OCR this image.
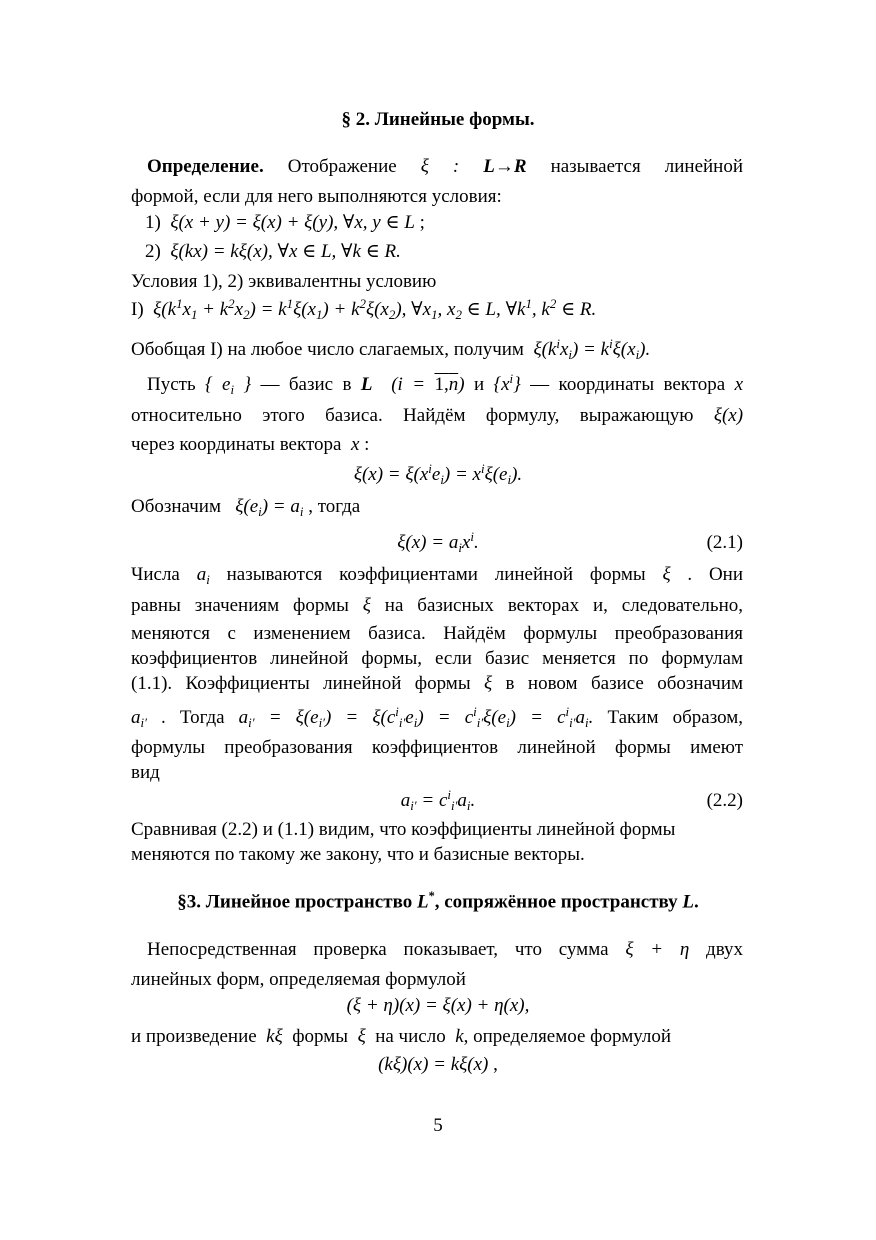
§ 2. Линейные формы.
Определение. Отображение ξ : L→R называется линейной
формой, если для него выполняются условия:
1) ξ(x + y) = ξ(x) + ξ(y), ∀x, y ∈ L ;
2) ξ(kx) = kξ(x), ∀x ∈ L, ∀k ∈ R.
Условия 1), 2) эквивалентны условию
I)  $\xi(k^1x_1 + k^2x_2) = k^1\xi(x_1) + k^2\xi(x_2)$, $\forall x_1$, $x_2$ ∈ L, $\forall k^1$, $k^2$ ∈ R.
Обобщая I) на любое число слагаемых, получим  $\xi(k^ix_i) = k^i\xi(x_i)$.
Пусть { $e_i$ } — базис в L $(i = 1,\overline{n})$ и $\{x^i\}$ — координаты вектора x
относительно этого базиса. Найдём формулу, выражающую ξ(x)
через координаты вектора  x :
$\xi(x) = \xi(x^ie_i) = x^i\xi(e_i)$.
Обозначим   $\xi(e_i) = a_i$ , тогда
$\xi(x) = a_ix^i$.	(2.1)
Числа $a_i$ называются коэффициентами линейной формы ξ . Они
равны значениям формы ξ на базисных векторах и, следовательно,
меняются с изменением базиса. Найдём формулы преобразования
коэффициентов линейной формы, если базис меняется по формулам
(1.1). Коэффициенты линейной формы ξ в новом базисе обозначим
$a_{i'}$ . Тогда $a_{i'} = \xi(e_{i'}) = \xi(c^i_{i'}e_i) = c^i_{i'}\xi(e_i) = c^i_{i'}a_i$. Таким образом,
формулы преобразования коэффициентов линейной формы имеют
вид
$a_{i'} = c^i_{i'}a_i$.	(2.2)
Сравнивая (2.2) и (1.1) видим, что коэффициенты линейной формы
меняются по такому же закону, что и базисные векторы.
§3. Линейное пространство L*, сопряжённое пространству L.
Непосредственная проверка показывает, что сумма ξ + η двух
линейных форм, определяемая формулой
(ξ + η)(x) = ξ(x) + η(x),
и произведение  kξ  формы  ξ  на число  k, определяемое формулой
(kξ)(x) = kξ(x) ,
5
